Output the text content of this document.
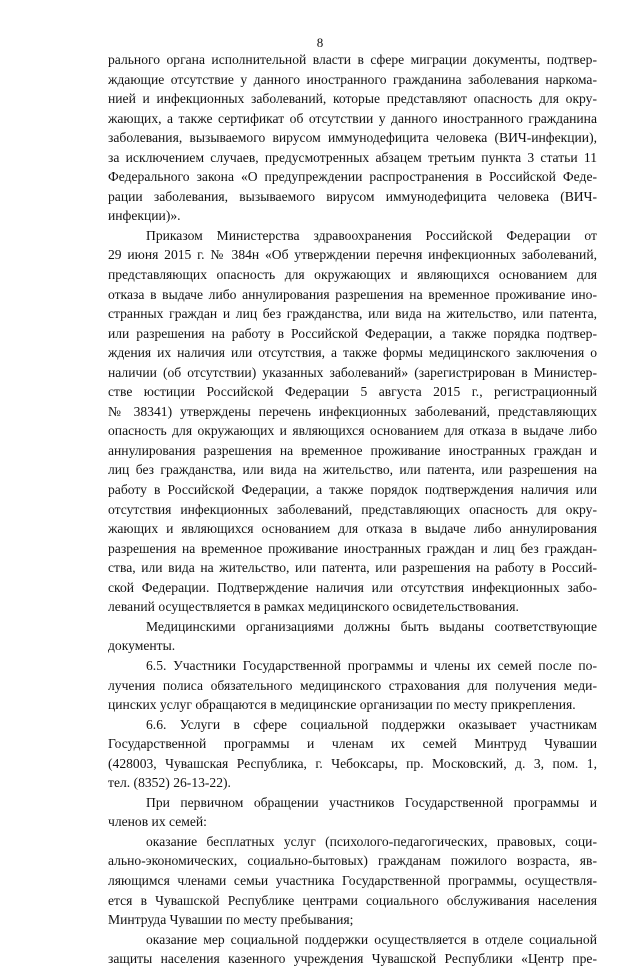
8
рального органа исполнительной власти в сфере миграции документы, подтвер-
ждающие отсутствие у данного иностранного гражданина заболевания наркома-
нией и инфекционных заболеваний, которые представляют опасность для окру-
жающих, а также сертификат об отсутствии у данного иностранного гражданина
заболевания, вызываемого вирусом иммунодефицита человека (ВИЧ-инфекции),
за исключением случаев, предусмотренных абзацем третьим пункта 3 статьи 11
Федерального закона «О предупреждении распространения в Российской Феде-
рации заболевания, вызываемого вирусом иммунодефицита человека (ВИЧ-
инфекции)».
Приказом Министерства здравоохранения Российской Федерации от
29 июня 2015 г. № 384н «Об утверждении перечня инфекционных заболеваний,
представляющих опасность для окружающих и являющихся основанием для
отказа в выдаче либо аннулирования разрешения на временное проживание ино-
странных граждан и лиц без гражданства, или вида на жительство, или патента,
или разрешения на работу в Российской Федерации, а также порядка подтвер-
ждения их наличия или отсутствия, а также формы медицинского заключения о
наличии (об отсутствии) указанных заболеваний» (зарегистрирован в Министер-
стве юстиции Российской Федерации 5 августа 2015 г., регистрационный
№ 38341) утверждены перечень инфекционных заболеваний, представляющих
опасность для окружающих и являющихся основанием для отказа в выдаче либо
аннулирования разрешения на временное проживание иностранных граждан и
лиц без гражданства, или вида на жительство, или патента, или разрешения на
работу в Российской Федерации, а также порядок подтверждения наличия или
отсутствия инфекционных заболеваний, представляющих опасность для окру-
жающих и являющихся основанием для отказа в выдаче либо аннулирования
разрешения на временное проживание иностранных граждан и лиц без граждан-
ства, или вида на жительство, или патента, или разрешения на работу в Россий-
ской Федерации. Подтверждение наличия или отсутствия инфекционных забо-
леваний осуществляется в рамках медицинского освидетельствования.
Медицинскими организациями должны быть выданы соответствующие
документы.
6.5. Участники Государственной программы и члены их семей после по-
лучения полиса обязательного медицинского страхования для получения меди-
цинских услуг обращаются в медицинские организации по месту прикрепления.
6.6. Услуги в сфере социальной поддержки оказывает участникам
Государственной программы и членам их семей Минтруд Чувашии
(428003, Чувашская Республика, г. Чебоксары, пр. Московский, д. 3, пом. 1,
тел. (8352) 26-13-22).
При первичном обращении участников Государственной программы и
членов их семей:
оказание бесплатных услуг (психолого-педагогических, правовых, соци-
ально-экономических, социально-бытовых) гражданам пожилого возраста, яв-
ляющимся членами семьи участника Государственной программы, осуществля-
ется в Чувашской Республике центрами социального обслуживания населения
Минтруда Чувашии по месту пребывания;
оказание мер социальной поддержки осуществляется в отделе социальной
защиты населения казенного учреждения Чувашской Республики «Центр пре-
